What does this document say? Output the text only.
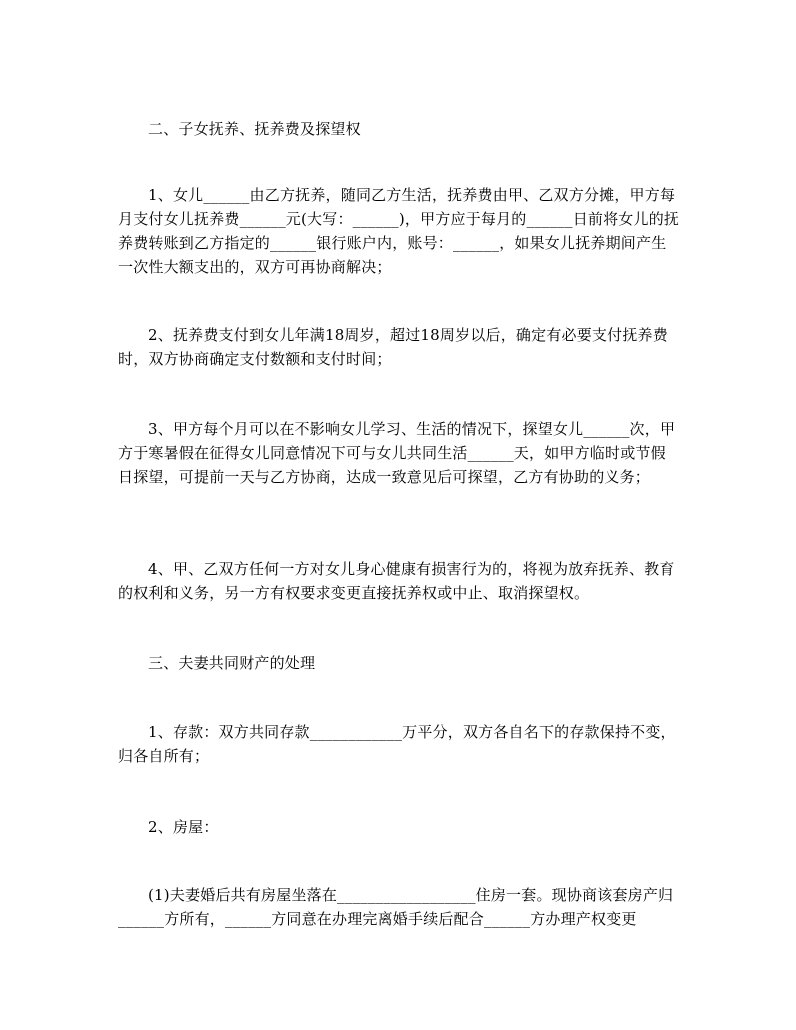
二、子女抚养、抚养费及探望权

1、女儿______由乙方抚养，随同乙方生活，抚养费由甲、乙双方分摊，甲方每月支付女儿抚养费______元(大写：______)，甲方应于每月的______日前将女儿的抚养费转账到乙方指定的______银行账户内，账号：______，如果女儿抚养期间产生一次性大额支出的，双方可再协商解决；

2、抚养费支付到女儿年满18周岁，超过18周岁以后，确定有必要支付抚养费时，双方协商确定支付数额和支付时间；

3、甲方每个月可以在不影响女儿学习、生活的情况下，探望女儿______次，甲方于寒暑假在征得女儿同意情况下可与女儿共同生活______天，如甲方临时或节假日探望，可提前一天与乙方协商，达成一致意见后可探望，乙方有协助的义务；

4、甲、乙双方任何一方对女儿身心健康有损害行为的，将视为放弃抚养、教育的权利和义务，另一方有权要求变更直接抚养权或中止、取消探望权。

三、夫妻共同财产的处理

1、存款：双方共同存款____________万平分，双方各自名下的存款保持不变，归各自所有；

2、房屋：

(1)夫妻婚后共有房屋坐落在__________________住房一套。现协商该套房产归______方所有，______方同意在办理完离婚手续后配合______方办理产权变更
